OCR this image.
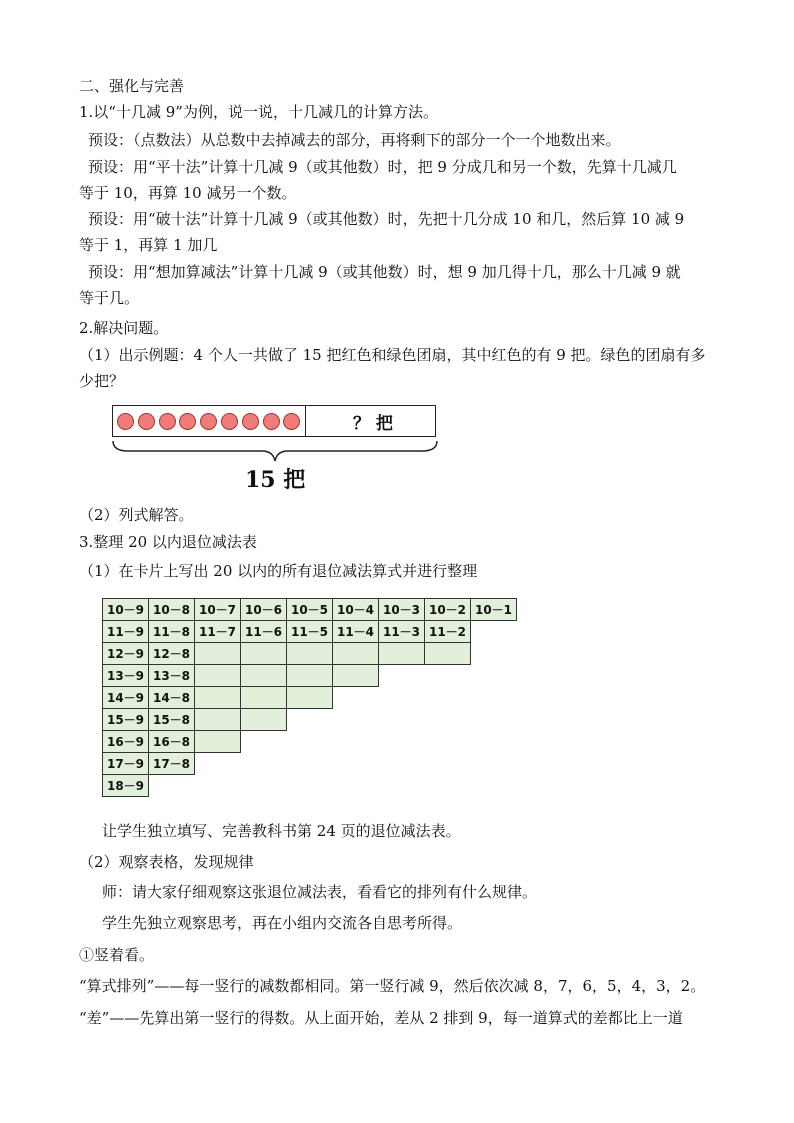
二、强化与完善
1.以“十几减 9”为例，说一说，十几减几的计算方法。
预设：（点数法）从总数中去掉减去的部分，再将剩下的部分一个一个地数出来。
预设：用“平十法”计算十几减 9（或其他数）时，把 9 分成几和另一个数，先算十几减几
等于 10，再算 10 减另一个数。
预设：用“破十法”计算十几减 9（或其他数）时，先把十几分成 10 和几，然后算 10 减 9
等于 1，再算 1 加几
预设：用“想加算减法”计算十几减 9（或其他数）时，想 9 加几得十几，那么十几减 9 就
等于几。
2.解决问题。
（1）出示例题：4 个人一共做了 15 把红色和绿色团扇，其中红色的有 9 把。绿色的团扇有多
少把？
？ 把
15 把
（2）列式解答。
3.整理 20 以内退位减法表
（1）在卡片上写出 20 以内的所有退位减法算式并进行整理
10－9	10－8	10－7	10－6	10－5	10－4	10－3	10－2	10－1
11－9	11－8	11－7	11－6	11－5	11－4	11－3	11－2	
12－9	12－8							
13－9	13－8							
14－9	14－8							
15－9	15－8							
16－9	16－8							
17－9	17－8							
18－9								
让学生独立填写、完善教科书第 24 页的退位减法表。
（2）观察表格，发现规律
师：请大家仔细观察这张退位减法表，看看它的排列有什么规律。
学生先独立观察思考，再在小组内交流各自思考所得。
①竖着看。
“算式排列”——每一竖行的减数都相同。第一竖行减 9，然后依次减 8，7，6，5，4，3，2。
“差”——先算出第一竖行的得数。从上面开始，差从 2 排到 9，每一道算式的差都比上一道
